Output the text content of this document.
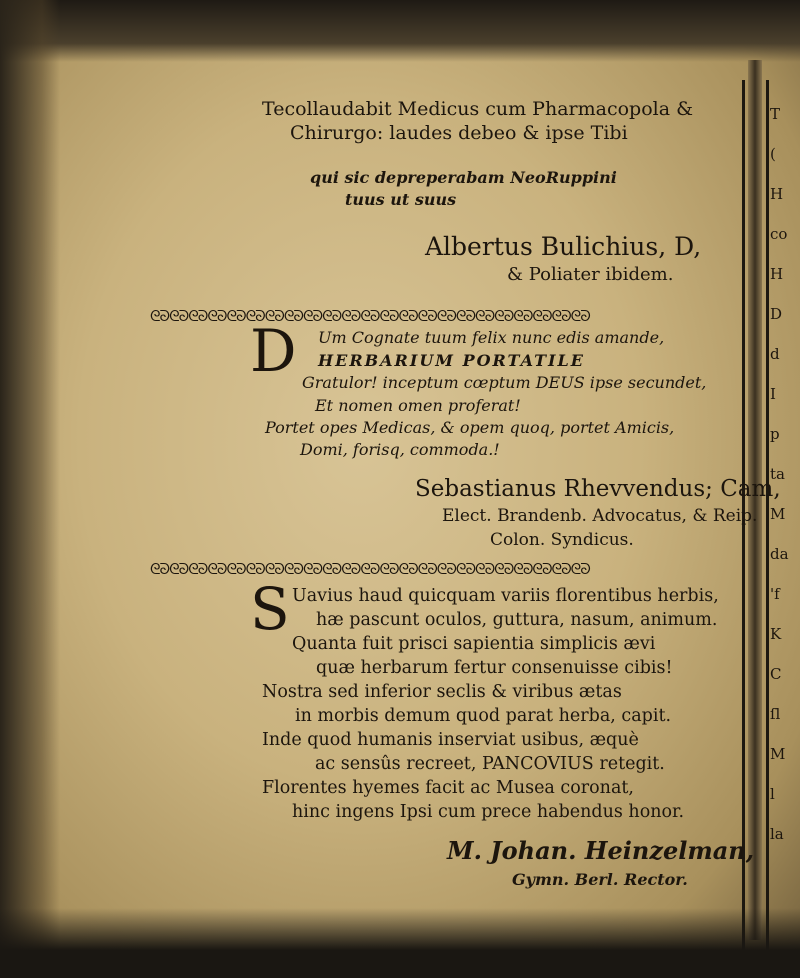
Tecollaudabit Medicus cum Pharmacopola &
Chirurgo: laudes debeo & ipse Tibi
qui sic depreperabam NeoRuppini
tuus ut suus
Albertus Bulichius, D,
& Poliater ibidem.
ᘓᘐᘓᘐᘓᘐᘓᘐᘓᘐᘓᘐᘓᘐᘓᘐᘓᘐᘓᘐᘓᘐᘓᘐᘓᘐᘓᘐᘓᘐᘓᘐᘓᘐᘓᘐᘓᘐᘓᘐᘓᘐᘓᘐᘓᘐ
D Um Cognate tuum felix nunc edis amande,
HERBARIUM PORTATILE
Gratulor! inceptum cœptum DEUS ipse secundet,
Et nomen omen proferat!
Portet opes Medicas, & opem quoq, portet Amicis,
Domi, forisq, commoda.!
Sebastianus Rhevvendus; Cam,
Elect. Brandenb. Advocatus, & Reip.
Colon. Syndicus.
ᘓᘐᘓᘐᘓᘐᘓᘐᘓᘐᘓᘐᘓᘐᘓᘐᘓᘐᘓᘐᘓᘐᘓᘐᘓᘐᘓᘐᘓᘐᘓᘐᘓᘐᘓᘐᘓᘐᘓᘐᘓᘐᘓᘐᘓᘐ
S Uavius haud quicquam variis florentibus herbis,
hæ pascunt oculos, guttura, nasum, animum.
Quanta fuit prisci sapientia simplicis ævi
quæ herbarum fertur consenuisse cibis!
Nostra sed inferior seclis & viribus ætas
in morbis demum quod parat herba, capit.
Inde quod humanis inserviat usibus, æquè
ac sensûs recreet, PANCOVIUS retegit.
Florentes hyemes facit ac Musea coronat,
hinc ingens Ipsi cum prece habendus honor.
M. Johan. Heinzelman,
Gymn. Berl. Rector.
T
(
H
co
H
D
d
I
p
ta
M
da
'f
K
C
ſl
M
l
la
